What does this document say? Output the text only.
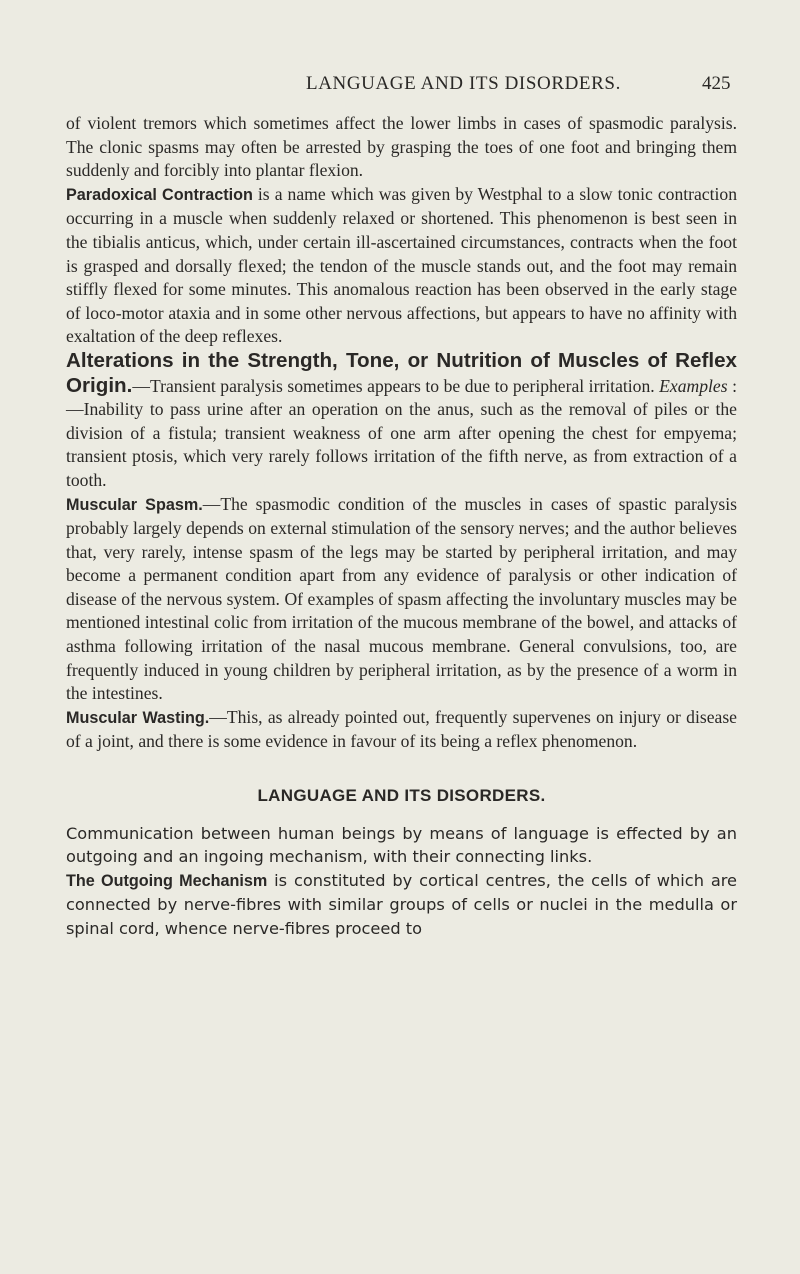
LANGUAGE AND ITS DISORDERS.	425

of violent tremors which sometimes affect the lower limbs in cases of spasmodic paralysis. The clonic spasms may often be arrested by grasping the toes of one foot and bringing them suddenly and forcibly into plantar flexion.

Paradoxical Contraction is a name which was given by Westphal to a slow tonic contraction occurring in a muscle when suddenly relaxed or shortened. This phenomenon is best seen in the tibialis anticus, which, under certain ill-ascertained circumstances, contracts when the foot is grasped and dorsally flexed; the tendon of the muscle stands out, and the foot may remain stiffly flexed for some minutes. This anomalous reaction has been observed in the early stage of loco-motor ataxia and in some other nervous affections, but appears to have no affinity with exaltation of the deep reflexes.

Alterations in the Strength, Tone, or Nutrition of Muscles of Reflex Origin.—Transient paralysis sometimes appears to be due to peripheral irritation. Examples :—Inability to pass urine after an operation on the anus, such as the removal of piles or the division of a fistula; transient weakness of one arm after opening the chest for empyema; transient ptosis, which very rarely follows irritation of the fifth nerve, as from extraction of a tooth.

Muscular Spasm.—The spasmodic condition of the muscles in cases of spastic paralysis probably largely depends on external stimulation of the sensory nerves; and the author believes that, very rarely, intense spasm of the legs may be started by peripheral irritation, and may become a permanent condition apart from any evidence of paralysis or other indication of disease of the nervous system. Of examples of spasm affecting the involuntary muscles may be mentioned intestinal colic from irritation of the mucous membrane of the bowel, and attacks of asthma following irritation of the nasal mucous membrane. General convulsions, too, are frequently induced in young children by peripheral irritation, as by the presence of a worm in the intestines.

Muscular Wasting.—This, as already pointed out, frequently supervenes on injury or disease of a joint, and there is some evidence in favour of its being a reflex phenomenon.

LANGUAGE AND ITS DISORDERS.

Communication between human beings by means of language is effected by an outgoing and an ingoing mechanism, with their connecting links.

The Outgoing Mechanism is constituted by cortical centres, the cells of which are connected by nerve-fibres with similar groups of cells or nuclei in the medulla or spinal cord, whence nerve-fibres proceed to
